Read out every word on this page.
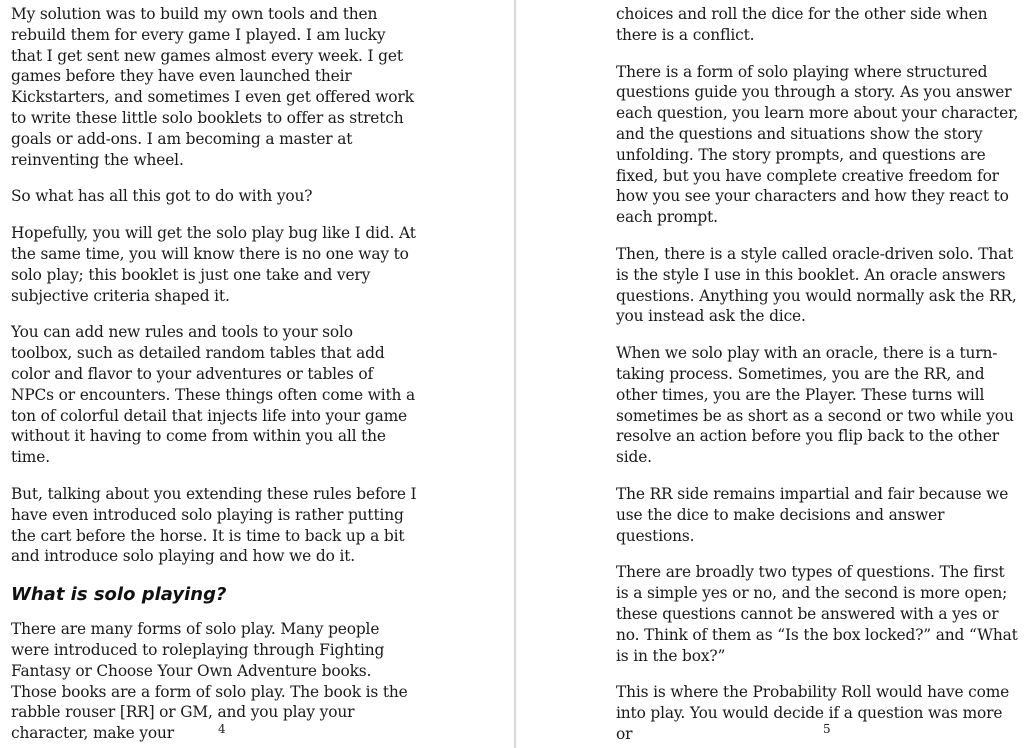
My solution was to build my own tools and then rebuild them for every game I played. I am lucky that I get sent new games almost every week. I get games before they have even launched their Kickstarters, and sometimes I even get offered work to write these little solo booklets to offer as stretch goals or add-ons. I am becoming a master at reinventing the wheel.

So what has all this got to do with you?

Hopefully, you will get the solo play bug like I did. At the same time, you will know there is no one way to solo play; this booklet is just one take and very subjective criteria shaped it.

You can add new rules and tools to your solo toolbox, such as detailed random tables that add color and flavor to your adventures or tables of NPCs or encounters. These things often come with a ton of colorful detail that injects life into your game without it having to come from within you all the time.

But, talking about you extending these rules before I have even introduced solo playing is rather putting the cart before the horse. It is time to back up a bit and introduce solo playing and how we do it.

What is solo playing?

There are many forms of solo play. Many people were introduced to roleplaying through Fighting Fantasy or Choose Your Own Adventure books. Those books are a form of solo play. The book is the rabble rouser [RR] or GM, and you play your character, make your	4

choices and roll the dice for the other side when there is a conflict.

There is a form of solo playing where structured questions guide you through a story. As you answer each question, you learn more about your character, and the questions and situations show the story unfolding. The story prompts, and questions are fixed, but you have complete creative freedom for how you see your characters and how they react to each prompt.

Then, there is a style called oracle-driven solo. That is the style I use in this booklet. An oracle answers questions. Anything you would normally ask the RR, you instead ask the dice.

When we solo play with an oracle, there is a turn-taking process. Sometimes, you are the RR, and other times, you are the Player. These turns will sometimes be as short as a second or two while you resolve an action before you flip back to the other side.

The RR side remains impartial and fair because we use the dice to make decisions and answer questions.

There are broadly two types of questions. The first is a simple yes or no, and the second is more open; these questions cannot be answered with a yes or no. Think of them as “Is the box locked?” and “What is in the box?”

This is where the Probability Roll would have come into play. You would decide if a question was more or	5
